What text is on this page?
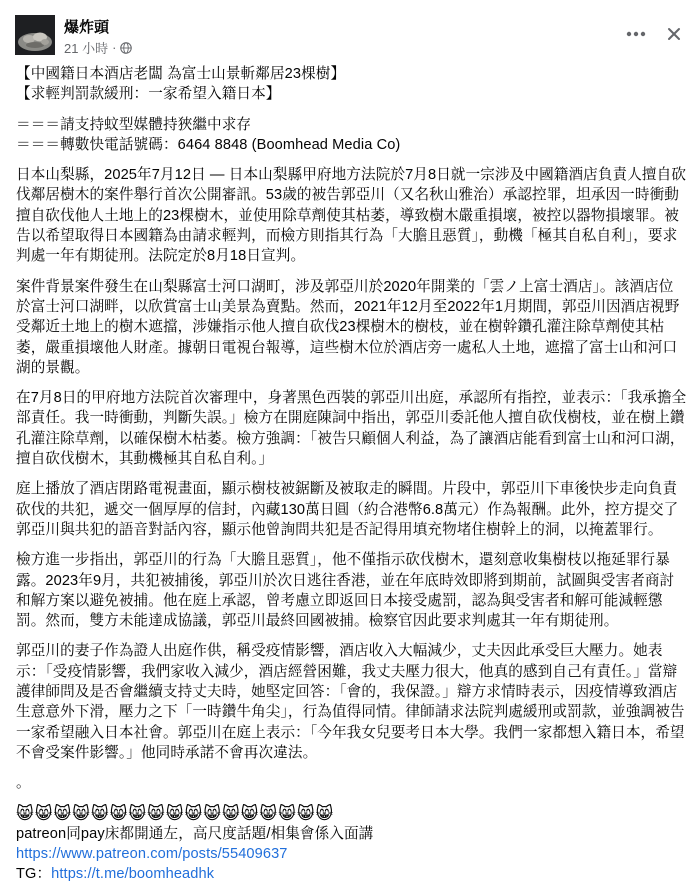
爆炸頭
21 小時 ·

【中國籍日本酒店老闆 為富士山景斬鄰居23棵樹】
【求輕判罰款緩刑：一家希望入籍日本】

＝＝＝請支持蚊型媒體持狹繼中求存
＝＝＝轉數快電話號碼：6464 8848 (Boomhead Media Co)

日本山梨縣，2025年7月12日 — 日本山梨縣甲府地方法院於7月8日就一宗涉及中國籍酒店負責人擅自砍伐鄰居樹木的案件舉行首次公開審訊。53歲的被告郭亞川（又名秋山雅治）承認控罪，坦承因一時衝動擅自砍伐他人土地上的23棵樹木，並使用除草劑使其枯萎，導致樹木嚴重損壞，被控以器物損壞罪。被告以希望取得日本國籍為由請求輕判，而檢方則指其行為「大膽且惡質」，動機「極其自私自利」，要求判處一年有期徒刑。法院定於8月18日宣判。

案件背景案件發生在山梨縣富士河口湖町，涉及郭亞川於2020年開業的「雲ノ上富士酒店」。該酒店位於富士河口湖畔，以欣賞富士山美景為賣點。然而，2021年12月至2022年1月期間，郭亞川因酒店視野受鄰近土地上的樹木遮擋，涉嫌指示他人擅自砍伐23棵樹木的樹枝，並在樹幹鑽孔灌注除草劑使其枯萎，嚴重損壞他人財產。據朝日電視台報導，這些樹木位於酒店旁一處私人土地，遮擋了富士山和河口湖的景觀。

在7月8日的甲府地方法院首次審理中，身著黑色西裝的郭亞川出庭，承認所有指控，並表示：「我承擔全部責任。我一時衝動，判斷失誤。」檢方在開庭陳詞中指出，郭亞川委託他人擅自砍伐樹枝，並在樹上鑽孔灌注除草劑，以確保樹木枯萎。檢方強調：「被告只顧個人利益，為了讓酒店能看到富士山和河口湖，擅自砍伐樹木，其動機極其自私自利。」

庭上播放了酒店閉路電視畫面，顯示樹枝被鋸斷及被取走的瞬間。片段中，郭亞川下車後快步走向負責砍伐的共犯，遞交一個厚厚的信封，內藏130萬日圓（約合港幣6.8萬元）作為報酬。此外，控方提交了郭亞川與共犯的語音對話內容，顯示他曾詢問共犯是否記得用填充物堵住樹幹上的洞，以掩蓋罪行。

檢方進一步指出，郭亞川的行為「大膽且惡質」，他不僅指示砍伐樹木，還刻意收集樹枝以拖延罪行暴露。2023年9月，共犯被捕後，郭亞川於次日逃往香港，並在年底時效即將到期前，試圖與受害者商討和解方案以避免被捕。他在庭上承認，曾考慮立即返回日本接受處罰，認為與受害者和解可能減輕懲罰。然而，雙方未能達成協議，郭亞川最終回國被捕。檢察官因此要求判處其一年有期徒刑。

郭亞川的妻子作為證人出庭作供，稱受疫情影響，酒店收入大幅減少，丈夫因此承受巨大壓力。她表示：「受疫情影響，我們家收入減少，酒店經營困難，我丈夫壓力很大，他真的感到自己有責任。」當辯護律師問及是否會繼續支持丈夫時，她堅定回答：「會的，我保證。」辯方求情時表示，因疫情導致酒店生意意外下滑，壓力之下「一時鑽牛角尖」，行為值得同情。律師請求法院判處緩刑或罰款，並強調被告一家希望融入日本社會。郭亞川在庭上表示：「今年我女兒要考日本大學。我們一家都想入籍日本，希望不會受案件影響。」他同時承諾不會再次違法。

。

😸😸😸😸😸😸😸😸😸😸😸😸😸😸😸😸😸
patreon同pay床都開通左，高尺度話題/相集會係入面講
https://www.patreon.com/posts/55409637
TG：https://t.me/boomheadhk
